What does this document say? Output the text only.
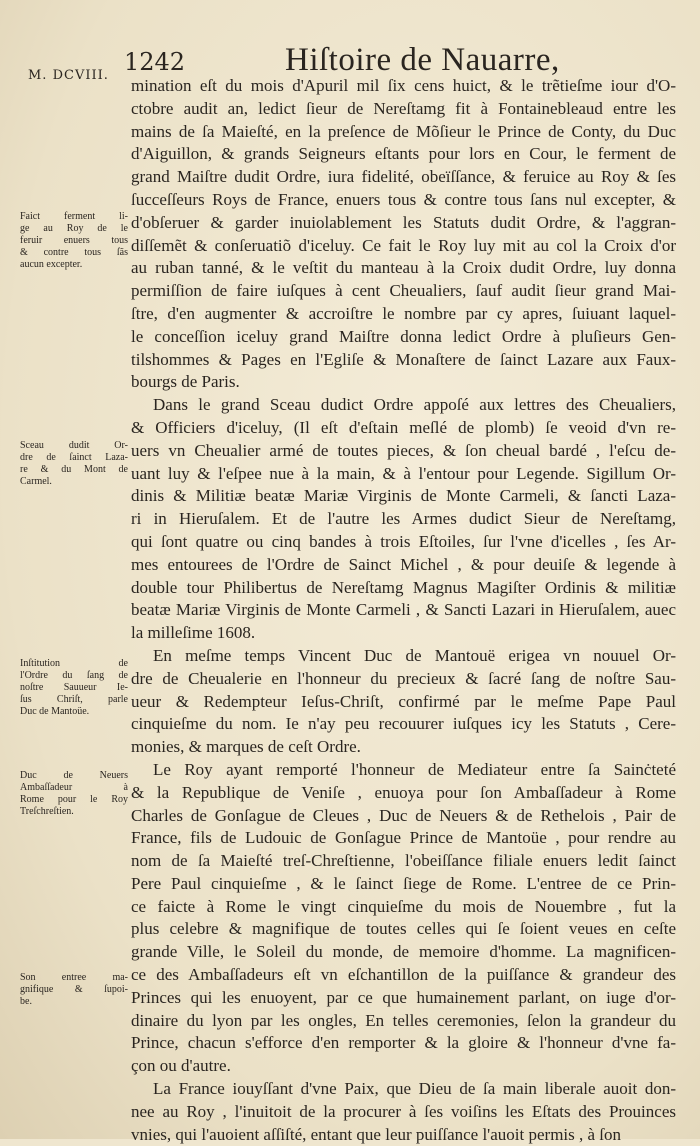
M. DCVIII. 1242	Hiſtoire de Nauarre,
mination eſt du mois d'Apuril mil ſix cens huict, & le trẽtieſme iour d'O-
ctobre audit an, ledict ſieur de Nereſtamg fit à Fontainebleaud entre les
mains de ſa Maieſté, en la preſence de Mõſieur le Prince de Conty, du Duc
d'Aiguillon, & grands Seigneurs eſtants pour lors en Cour, le ferment de
grand Maiſtre dudit Ordre, iura fidelité, obeïſſance, & feruice au Roy & ſes
ſucceſſeurs Roys de France, enuers tous & contre tous ſans nul excepter, &
d'obſeruer & garder inuiolablement les Statuts dudit Ordre, & l'aggran-
diſſemẽt & conſeruatiõ d'iceluy. Ce fait le Roy luy mit au col la Croix d'or
au ruban tanné, & le veſtit du manteau à la Croix dudit Ordre, luy donna
permiſſion de faire iuſques à cent Cheualiers, ſauf audit ſieur grand Mai-
ſtre, d'en augmenter & accroiſtre le nombre par cy apres, ſuiuant laquel-
le conceſſion iceluy grand Maiſtre donna ledict Ordre à pluſieurs Gen-
tilshommes & Pages en l'Egliſe & Monaſtere de ſainct Lazare aux Faux-
bourgs de Paris.
Dans le grand Sceau dudict Ordre appoſé aux lettres des Cheualiers,
& Officiers d'iceluy, (Il eſt d'eſtain meſlé de plomb) ſe veoid d'vn re-
uers vn Cheualier armé de toutes pieces, & ſon cheual bardé , l'eſcu de-
uant luy & l'eſpee nue à la main, & à l'entour pour Legende. Sigillum Or-
dinis & Militiæ beatæ Mariæ Virginis de Monte Carmeli, & ſancti Laza-
ri in Hieruſalem. Et de l'autre les Armes dudict Sieur de Nereſtamg,
qui ſont quatre ou cinq bandes à trois Eſtoiles, ſur l'vne d'icelles , ſes Ar-
mes entourees de l'Ordre de Sainct Michel , & pour deuiſe & legende à
double tour Philibertus de Nereſtamg Magnus Magiſter Ordinis & militiæ
beatæ Mariæ Virginis de Monte Carmeli , & Sancti Lazari in Hieruſalem, auec
la milleſime 1608.
En meſme temps Vincent Duc de Mantouë erigea vn nouuel Or-
dre de Cheualerie en l'honneur du precieux & ſacré ſang de noſtre Sau-
ueur & Redempteur Ieſus-Chriſt, confirmé par le meſme Pape Paul
cinquieſme du nom. Ie n'ay peu recouurer iuſques icy les Statuts , Cere-
monies, & marques de ceſt Ordre.
Le Roy ayant remporté l'honneur de Mediateur entre ſa Sainċteté
& la Republique de Veniſe , enuoya pour ſon Ambaſſadeur à Rome
Charles de Gonſague de Cleues , Duc de Neuers & de Rethelois , Pair de
France, fils de Ludouic de Gonſague Prince de Mantoüe , pour rendre au
nom de ſa Maieſté treſ-Chreſtienne, l'obeiſſance filiale enuers ledit ſainct
Pere Paul cinquieſme , & le ſainct ſiege de Rome. L'entree de ce Prin-
ce faicte à Rome le vingt cinquieſme du mois de Nouembre , fut la
plus celebre & magnifique de toutes celles qui ſe ſoient veues en ceſte
grande Ville, le Soleil du monde, de memoire d'homme. La magnificen-
ce des Ambaſſadeurs eſt vn eſchantillon de la puiſſance & grandeur des
Princes qui les enuoyent, par ce que humainement parlant, on iuge d'or-
dinaire du lyon par les ongles, En telles ceremonies, ſelon la grandeur du
Prince, chacun s'efforce d'en remporter & la gloire & l'honneur d'vne fa-
çon ou d'autre.
La France iouyſſant d'vne Paix, que Dieu de ſa main liberale auoit don-
nee au Roy , l'inuitoit de la procurer à ſes voiſins les Eſtats des Prouinces
vnies, qui l'auoient aſſiſté, entant que leur puiſſance l'auoit permis , à ſon
Faict ferment li-
ge au Roy de le
feruir enuers tous
& contre tous ſãs
aucun excepter.
Sceau dudit Or-
dre de ſainct Laza-
re & du Mont de
Carmel.
Inſtitution de
l'Ordre du ſang de
noſtre Sauueur Ie-
ſus Chriſt, parle
Duc de Mantoüe.
Duc de Neuers
Ambaſſadeur à
Rome pour le Roy
Treſchreſtien.
Son entree ma-
gnifique & ſupoi-
be.
